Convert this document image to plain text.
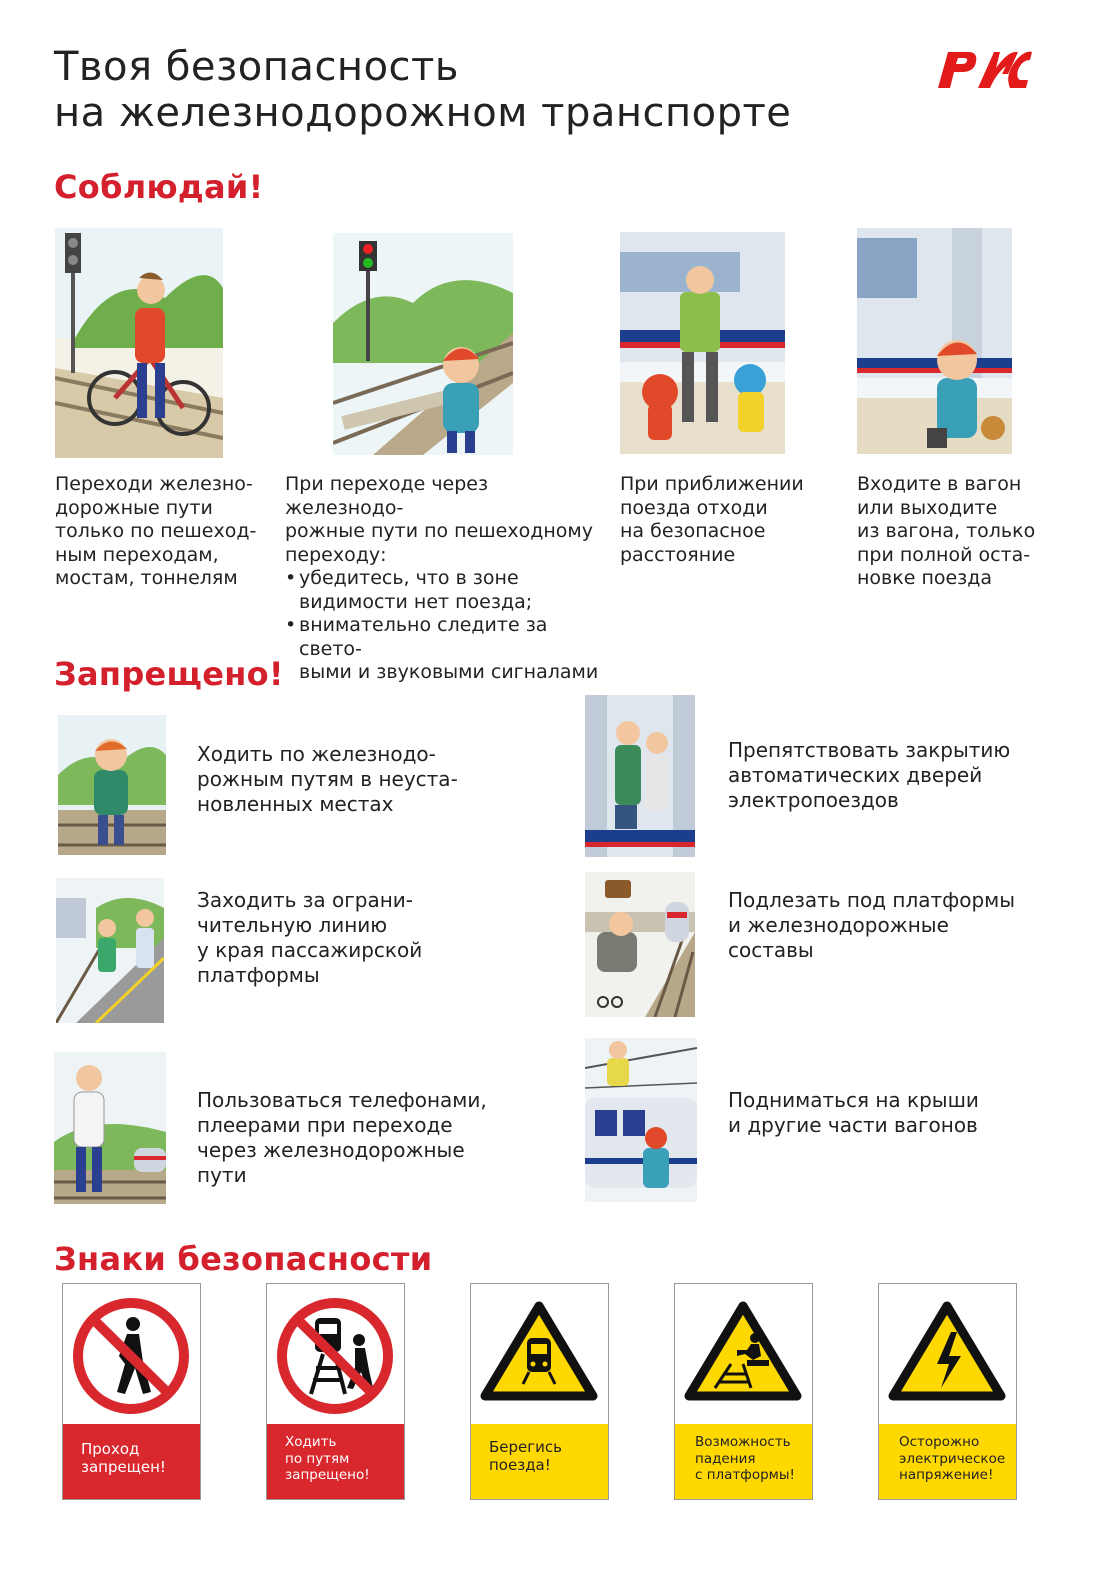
Твоя безопасность
на железнодорожном транспорте
Соблюдай!
Переходи железно-
дорожные пути
только по пешеход-
ным переходам,
мостам, тоннелям
При переходе через железнодо-
рожные пути по пешеходному
переходу:
• убедитесь, что в зоне
видимости нет поезда;
• внимательно следите за свето-
выми и звуковыми сигналами
При приближении
поезда отходи
на безопасное
расстояние
Входите в вагон
или выходите
из вагона, только
при полной оста-
новке поезда
Запрещено!
Ходить по железнодо-
рожным путям в неуста-
новленных местах
Препятствовать закрытию
автоматических дверей
электропоездов
Заходить за ограни-
чительную линию
у края пассажирской
платформы
Подлезать под платформы
и железнодорожные
составы
Пользоваться телефонами,
плеерами при переходе
через железнодорожные
пути
Подниматься на крыши
и другие части вагонов
Знаки безопасности
Проход
запрещен!
Ходить
по путям
запрещено!
Берегись
поезда!
Возможность
падения
с платформы!
Осторожно
электрическое
напряжение!
